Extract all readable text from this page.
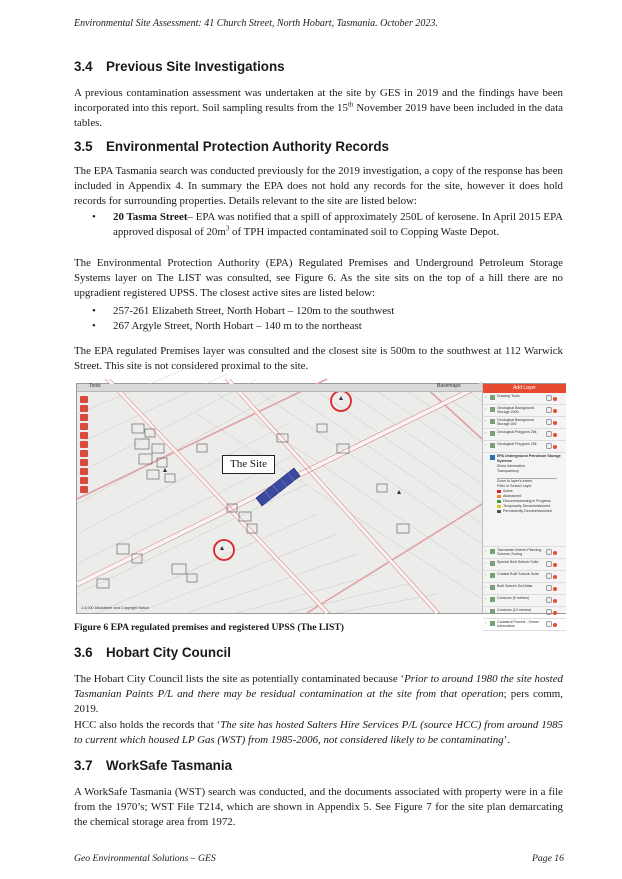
Environmental Site Assessment: 41 Church Street, North Hobart, Tasmania. October 2023.
3.4 Previous Site Investigations
A previous contamination assessment was undertaken at the site by GES in 2019 and the findings have been incorporated into this report. Soil sampling results from the 15th November 2019 have been included in the data tables.
3.5 Environmental Protection Authority Records
The EPA Tasmania search was conducted previously for the 2019 investigation, a copy of the response has been included in Appendix 4. In summary the EPA does not hold any records for the site, however it does hold records for surrounding properties. Details relevant to the site are listed below:
• 20 Tasma Street– EPA was notified that a spill of approximately 250L of kerosene. In April 2015 EPA approved disposal of $20m^3$ of TPH impacted contaminated soil to Copping Waste Depot.
The Environmental Protection Authority (EPA) Regulated Premises and Underground Petroleum Storage Systems layer on The LIST was consulted, see Figure 6. As the site sits on the top of a hill there are no upgradient registered UPSS. The closest active sites are listed below:
• 257-261 Elizabeth Street, North Hobart – 120m to the southwest
• 267 Argyle Street, North Hobart – 140 m to the northeast
The EPA regulated Premises layer was consulted and the closest site is 500m to the southwest at 112 Warwick Street. This site is not considered proximal to the site.
Tools	Basemaps
The Site
1:3,000 Disclaimer and Copyright Notice
Add Layer
›	Drawing Tools
›	Geological Background Storage 2009
›	Geological Background Storage DW
›	Geological Polygons 25k
›	Geological Polygons 25k
EPA Underground Petroleum Storage Systems
Show information
Transparency
Zoom to layer's extent
Filter or Search Layer
Active
Abandoned
Decommissioning in Progress
Temporarily Decommissioned
Permanently Decommissioned
›	Tasmanian Interim Planning Scheme Zoning
›	Special Built Suburb Suite
›	Coastal Built Suburb Suite
›	Built Suburb Soil Atlas
›	Contours (5 metres)
›	Contours (10 metres)
›	Cadastral Parcels - Owner Information
Figure 6 EPA regulated premises and registered UPSS (The LIST)
3.6 Hobart City Council
The Hobart City Council lists the site as potentially contaminated because ‘Prior to around 1980 the site hosted Tasmanian Paints P/L and there may be residual contamination at the site from that operation; pers comm, 2019.
HCC also holds the records that ‘The site has hosted Salters Hire Services P/L (source HCC) from around 1985 to current which housed LP Gas (WST) from 1985-2006, not considered likely to be contaminating’.
3.7 WorkSafe Tasmania
A WorkSafe Tasmania (WST) search was conducted, and the documents associated with property were in a file from the 1970’s; WST File T214, which are shown in Appendix 5. See Figure 7 for the site plan demarcating the chemical storage area from 1972.
Geo Environmental Solutions – GES	Page 16
